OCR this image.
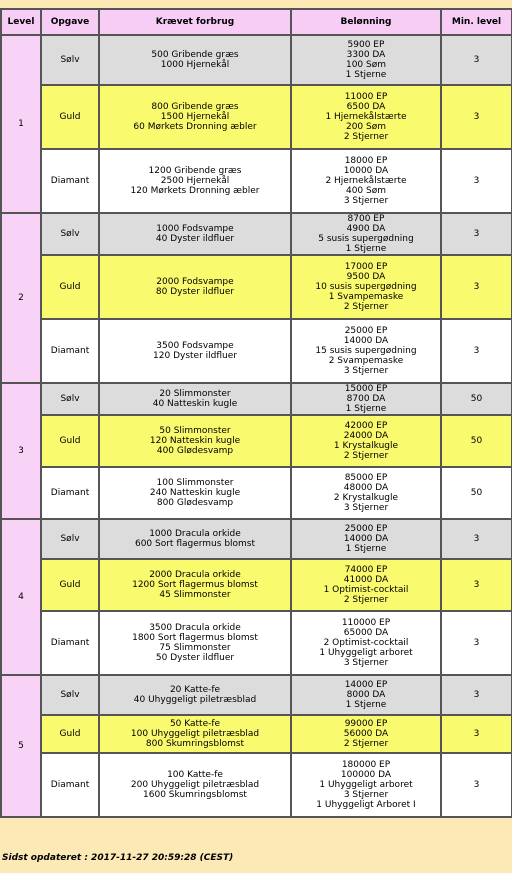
Level	Opgave	Krævet forbrug	Belønning	Min. level
1	Sølv	500 Gribende græs
1000 Hjernekål	5900 EP
3300 DA
100 Søm
1 Stjerne	3
	Guld	800 Gribende græs
1500 Hjernekål
60 Mørkets Dronning æbler	11000 EP
6500 DA
1 Hjernekålstærte
200 Søm
2 Stjerner	3
	Diamant	1200 Gribende græs
2500 Hjernekål
120 Mørkets Dronning æbler	18000 EP
10000 DA
2 Hjernekålstærte
400 Søm
3 Stjerner	3
2	Sølv	1000 Fodsvampe
40 Dyster ildfluer	8700 EP
4900 DA
5 susis supergødning
1 Stjerne	3
	Guld	2000 Fodsvampe
80 Dyster ildfluer	17000 EP
9500 DA
10 susis supergødning
1 Svampemaske
2 Stjerner	3
	Diamant	3500 Fodsvampe
120 Dyster ildfluer	25000 EP
14000 DA
15 susis supergødning
2 Svampemaske
3 Stjerner	3
3	Sølv	20 Slimmonster
40 Natteskin kugle	15000 EP
8700 DA
1 Stjerne	50
	Guld	50 Slimmonster
120 Natteskin kugle
400 Glødesvamp	42000 EP
24000 DA
1 Krystalkugle
2 Stjerner	50
	Diamant	100 Slimmonster
240 Natteskin kugle
800 Glødesvamp	85000 EP
48000 DA
2 Krystalkugle
3 Stjerner	50
4	Sølv	1000 Dracula orkide
600 Sort flagermus blomst	25000 EP
14000 DA
1 Stjerne	3
	Guld	2000 Dracula orkide
1200 Sort flagermus blomst
45 Slimmonster	74000 EP
41000 DA
1 Optimist-cocktail
2 Stjerner	3
	Diamant	3500 Dracula orkide
1800 Sort flagermus blomst
75 Slimmonster
50 Dyster ildfluer	110000 EP
65000 DA
2 Optimist-cocktail
1 Uhyggeligt arboret
3 Stjerner	3
5	Sølv	20 Katte-fe
40 Uhyggeligt piletræsblad	14000 EP
8000 DA
1 Stjerne	3
	Guld	50 Katte-fe
100 Uhyggeligt piletræsblad
800 Skumringsblomst	99000 EP
56000 DA
2 Stjerner	3
	Diamant	100 Katte-fe
200 Uhyggeligt piletræsblad
1600 Skumringsblomst	180000 EP
100000 DA
1 Uhyggeligt arboret
3 Stjerner
1 Uhyggeligt Arboret I	3
Sidst opdateret : 2017-11-27 20:59:28 (CEST)
